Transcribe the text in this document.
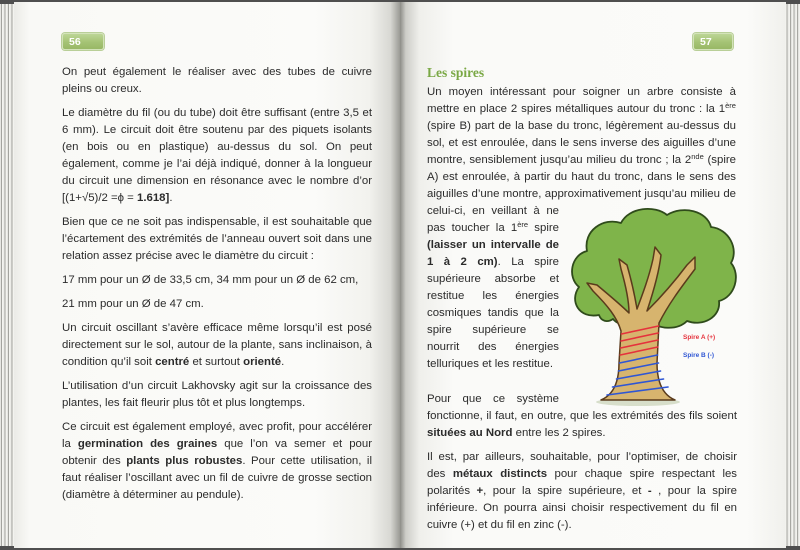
56

On peut également le réaliser avec des tubes de cuivre pleins ou creux.

Le diamètre du fil (ou du tube) doit être suffisant (entre 3,5 et 6 mm). Le circuit doit être soutenu par des piquets isolants (en bois ou en plastique) au-dessus du sol. On peut également, comme je l’ai déjà indiqué, donner à la longueur du circuit une dimension en résonance avec le nombre d’or [(1+√5)/2 =ϕ = 1.618].

Bien que ce ne soit pas indispensable, il est souhaitable que l’écartement des extrémités de l’anneau ouvert soit dans une relation assez précise avec le diamètre du circuit :

17 mm pour un Ø de 33,5 cm, 34 mm pour un Ø de 62 cm,

21 mm pour un Ø de 47 cm.

Un circuit oscillant s’avère efficace même lorsqu’il est posé directement sur le sol, autour de la plante, sans inclinaison, à condition qu’il soit centré et surtout orienté.

L’utilisation d’un circuit Lakhovsky agit sur la croissance des plantes, les fait fleurir plus tôt et plus longtemps.

Ce circuit est également employé, avec profit, pour accélérer la germination des graines que l’on va semer et pour obtenir des plants plus robustes. Pour cette utilisation, il faut réaliser l’oscillant avec un fil de cuivre de grosse section (diamètre à déterminer au pendule).

57
Spire A (+)
Spire B (-)
Les spires

Un moyen intéressant pour soigner un arbre consiste à mettre en place 2 spires métalliques autour du tronc : la 1ère (spire B) part de la base du tronc, légèrement au-dessus du sol, et est enroulée, dans le sens inverse des aiguilles d’une montre, sensiblement jusqu’au milieu du tronc ; la 2nde (spire A) est enroulée, à partir du haut du tronc, dans le sens des aiguilles d’une montre, approximativement jusqu’au milieu de celui-ci, en veillant à ne pas toucher la 1ère spire (laisser un intervalle de 1 à 2 cm). La spire supérieure absorbe et restitue les énergies cosmiques tandis que la spire supérieure se nourrit des énergies telluriques et les restitue.

Pour que ce système fonctionne, il faut, en outre, que les extrémités des fils soient situées au Nord entre les 2 spires.

Il est, par ailleurs, souhaitable, pour l’optimiser, de choisir des métaux distincts pour chaque spire respectant les polarités +, pour la spire supérieure, et - , pour la spire inférieure. On pourra ainsi choisir respectivement du fil en cuivre (+) et du fil en zinc (-).
